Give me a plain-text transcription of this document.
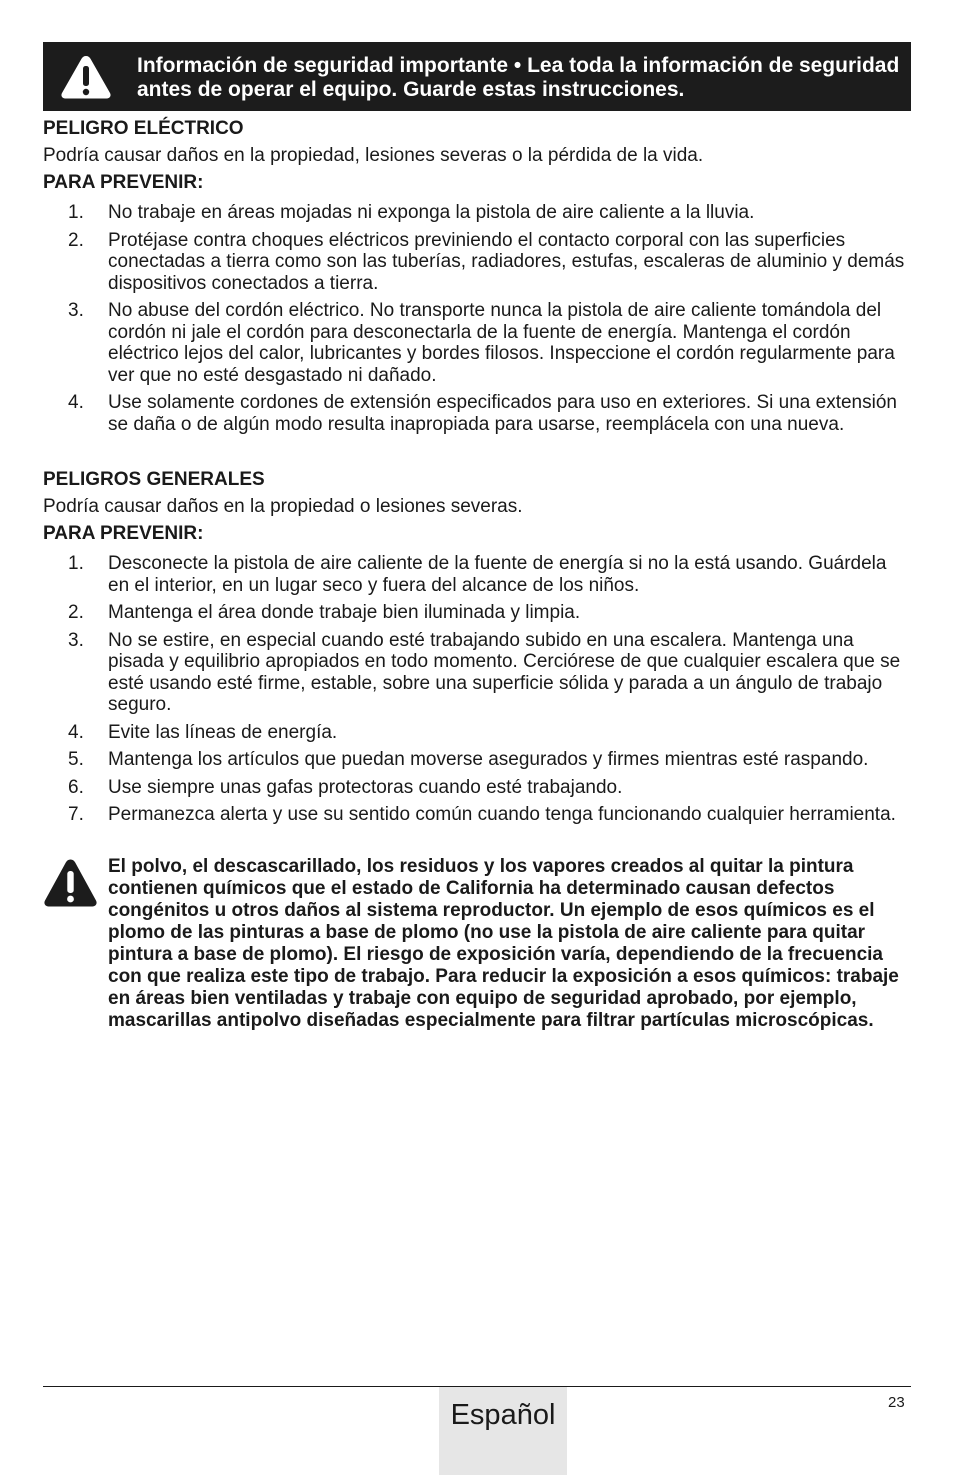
Información de seguridad importante • Lea toda la información de seguridad antes de operar el equipo. Guarde estas instrucciones.

PELIGRO ELÉCTRICO

Podría causar daños en la propiedad, lesiones severas o la pérdida de la vida.

PARA PREVENIR:

1. No trabaje en áreas mojadas ni exponga la pistola de aire caliente a la lluvia.
2. Protéjase contra choques eléctricos previniendo el contacto corporal con las superficies conectadas a tierra como son las tuberías, radiadores, estufas, escaleras de aluminio y demás dispositivos conectados a tierra.
3. No abuse del cordón eléctrico. No transporte nunca la pistola de aire caliente tomándola del cordón ni jale el cordón para desconectarla de la fuente de energía. Mantenga el cordón eléctrico lejos del calor, lubricantes y bordes filosos. Inspeccione el cordón regularmente para ver que no esté desgastado ni dañado.
4. Use solamente cordones de extensión especificados para uso en exteriores. Si una extensión se daña o de algún modo resulta inapropiada para usarse, reemplácela con una nueva.

PELIGROS GENERALES

Podría causar daños en la propiedad o lesiones severas.

PARA PREVENIR:

1. Desconecte la pistola de aire caliente de la fuente de energía si no la está usando. Guárdela en el interior, en un lugar seco y fuera del alcance de los niños.
2. Mantenga el área donde trabaje bien iluminada y limpia.
3. No se estire, en especial cuando esté trabajando subido en una escalera. Mantenga una pisada y equilibrio apropiados en todo momento. Cerciórese de que cualquier escalera que se esté usando esté firme, estable, sobre una superficie sólida y parada a un ángulo de trabajo seguro.
4. Evite las líneas de energía.
5. Mantenga los artículos que puedan moverse asegurados y firmes mientras esté raspando.
6. Use siempre unas gafas protectoras cuando esté trabajando.
7. Permanezca alerta y use su sentido común cuando tenga funcionando cualquier herramienta.
El polvo, el descascarillado, los residuos y los vapores creados al quitar la pintura contienen químicos que el estado de California ha determinado causan defectos congénitos u otros daños al sistema reproductor. Un ejemplo de esos químicos es el plomo de las pinturas a base de plomo (no use la pistola de aire caliente para quitar pintura a base de plomo). El riesgo de exposición varía, dependiendo de la frecuencia con que realiza este tipo de trabajo. Para reducir la exposición a esos químicos: trabaje en áreas bien ventiladas y trabaje con equipo de seguridad aprobado, por ejemplo, mascarillas antipolvo diseñadas especialmente para filtrar partículas microscópicas.
Español	23
